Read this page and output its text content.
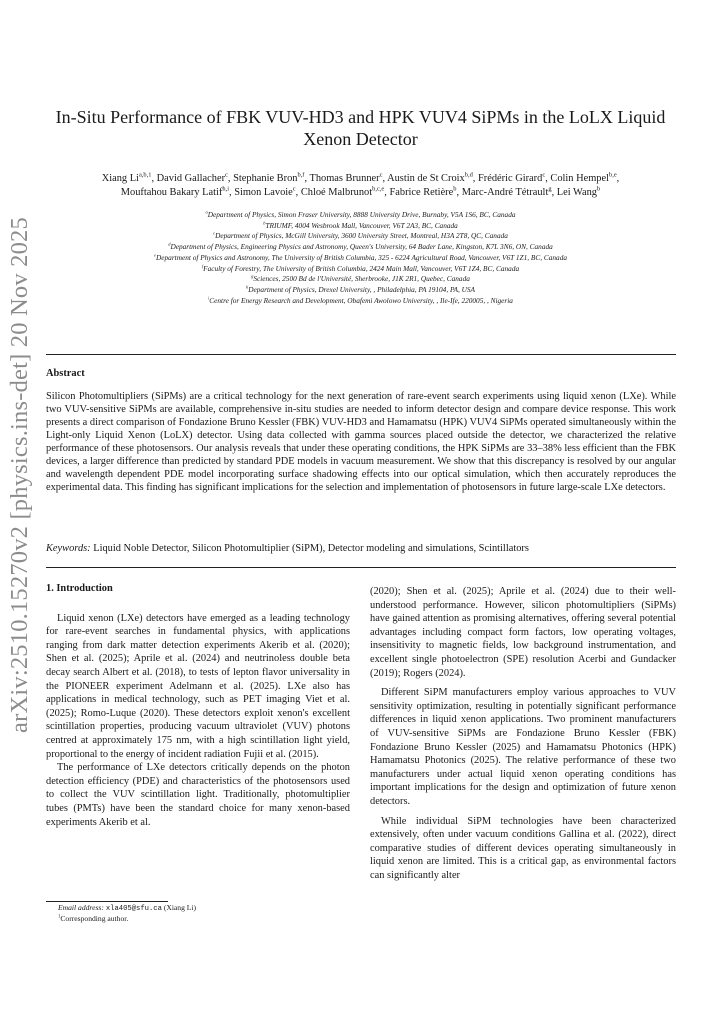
arXiv:2510.15270v2 [physics.ins-det] 20 Nov 2025
In-Situ Performance of FBK VUV-HD3 and HPK VUV4 SiPMs in the LoLX Liquid Xenon Detector
Xiang Li$^{a,b,1}$, David Gallacher$^c$, Stephanie Bron$^{b,f}$, Thomas Brunner$^c$, Austin de St Croix$^{b,d}$, Frédéric Girard$^c$, Colin Hempel$^{b,e}$,
Mouftahou Bakary Latif$^{h,i}$, Simon Lavoie$^c$, Chloé Malbrunot$^{b,c,e}$, Fabrice Retière$^b$, Marc-André Tétrault$^g$, Lei Wang$^b$
$^a$Department of Physics, Simon Fraser University, 8888 University Drive, Burnaby, V5A 1S6, BC, Canada
$^b$TRIUMF, 4004 Wesbrook Mall, Vancouver, V6T 2A3, BC, Canada
$^c$Department of Physics, McGill University, 3600 University Street, Montreal, H3A 2T8, QC, Canada
$^d$Department of Physics, Engineering Physics and Astronomy, Queen's University, 64 Bader Lane, Kingston, K7L 3N6, ON, Canada
$^e$Department of Physics and Astronomy, The University of British Columbia, 325 - 6224 Agricultural Road, Vancouver, V6T 1Z1, BC, Canada
$^f$Faculty of Forestry, The University of British Columbia, 2424 Main Mall, Vancouver, V6T 1Z4, BC, Canada
$^g$Sciences, 2500 Bd de l'Université, Sherbrooke, J1K 2R1, Quebec, Canada
$^h$Department of Physics, Drexel University, , Philadelphia, PA 19104, PA, USA
$^i$Centre for Energy Research and Development, Obafemi Awolowo University, , Ile-Ife, 220005, , Nigeria
Abstract
Silicon Photomultipliers (SiPMs) are a critical technology for the next generation of rare-event search experiments using liquid xenon (LXe). While two VUV-sensitive SiPMs are available, comprehensive in-situ studies are needed to inform detector design and compare device response. This work presents a direct comparison of Fondazione Bruno Kessler (FBK) VUV-HD3 and Hamamatsu (HPK) VUV4 SiPMs operated simultaneously within the Light-only Liquid Xenon (LoLX) detector. Using data collected with gamma sources placed outside the detector, we characterized the relative performance of these photosensors. Our analysis reveals that under these operating conditions, the HPK SiPMs are 33–38% less efficient than the FBK devices, a larger difference than predicted by standard PDE models in vacuum measurement. We show that this discrepancy is resolved by our angular and wavelength dependent PDE model incorporating surface shadowing effects into our optical simulation, which then accurately reproduces the experimental data. This finding has significant implications for the selection and implementation of photosensors in future large-scale LXe detectors.
Keywords: Liquid Noble Detector, Silicon Photomultiplier (SiPM), Detector modeling and simulations, Scintillators

1. Introduction

Liquid xenon (LXe) detectors have emerged as a leading technology for rare-event searches in fundamental physics, with applications ranging from dark matter detection experiments Akerib et al. (2020); Shen et al. (2025); Aprile et al. (2024) and neutrinoless double beta decay search Albert et al. (2018), to tests of lepton flavor universality in the PIONEER experiment Adelmann et al. (2025). LXe also has applications in medical technology, such as PET imaging Viet et al. (2025); Romo-Luque (2020). These detectors exploit xenon's excellent scintillation properties, producing vacuum ultraviolet (VUV) photons centred at approximately 175 nm, with a high scintillation light yield, proportional to the energy of incident radiation Fujii et al. (2015).

The performance of LXe detectors critically depends on the photon detection efficiency (PDE) and characteristics of the photosensors used to collect the VUV scintillation light. Traditionally, photomultiplier tubes (PMTs) have been the standard choice for many xenon-based experiments Akerib et al.

(2020); Shen et al. (2025); Aprile et al. (2024) due to their well-understood performance. However, silicon photomultipliers (SiPMs) have gained attention as promising alternatives, offering several potential advantages including compact form factors, low operating voltages, insensitivity to magnetic fields, low background instrumentation, and excellent single photoelectron (SPE) resolution Acerbi and Gundacker (2019); Rogers (2024).

Different SiPM manufacturers employ various approaches to VUV sensitivity optimization, resulting in potentially significant performance differences in liquid xenon applications. Two prominent manufacturers of VUV-sensitive SiPMs are Fondazione Bruno Kessler (FBK) Fondazione Bruno Kessler (2025) and Hamamatsu Photonics (HPK) Hamamatsu Photonics (2025). The relative performance of these two manufacturers under actual liquid xenon operating conditions has important implications for the design and optimization of future xenon detectors.

While individual SiPM technologies have been characterized extensively, often under vacuum conditions Gallina et al. (2022), direct comparative studies of different devices operating simultaneously in liquid xenon are limited. This is a critical gap, as environmental factors can significantly alter

Email address: xla405@sfu.ca (Xiang Li)
$^1$Corresponding author.
